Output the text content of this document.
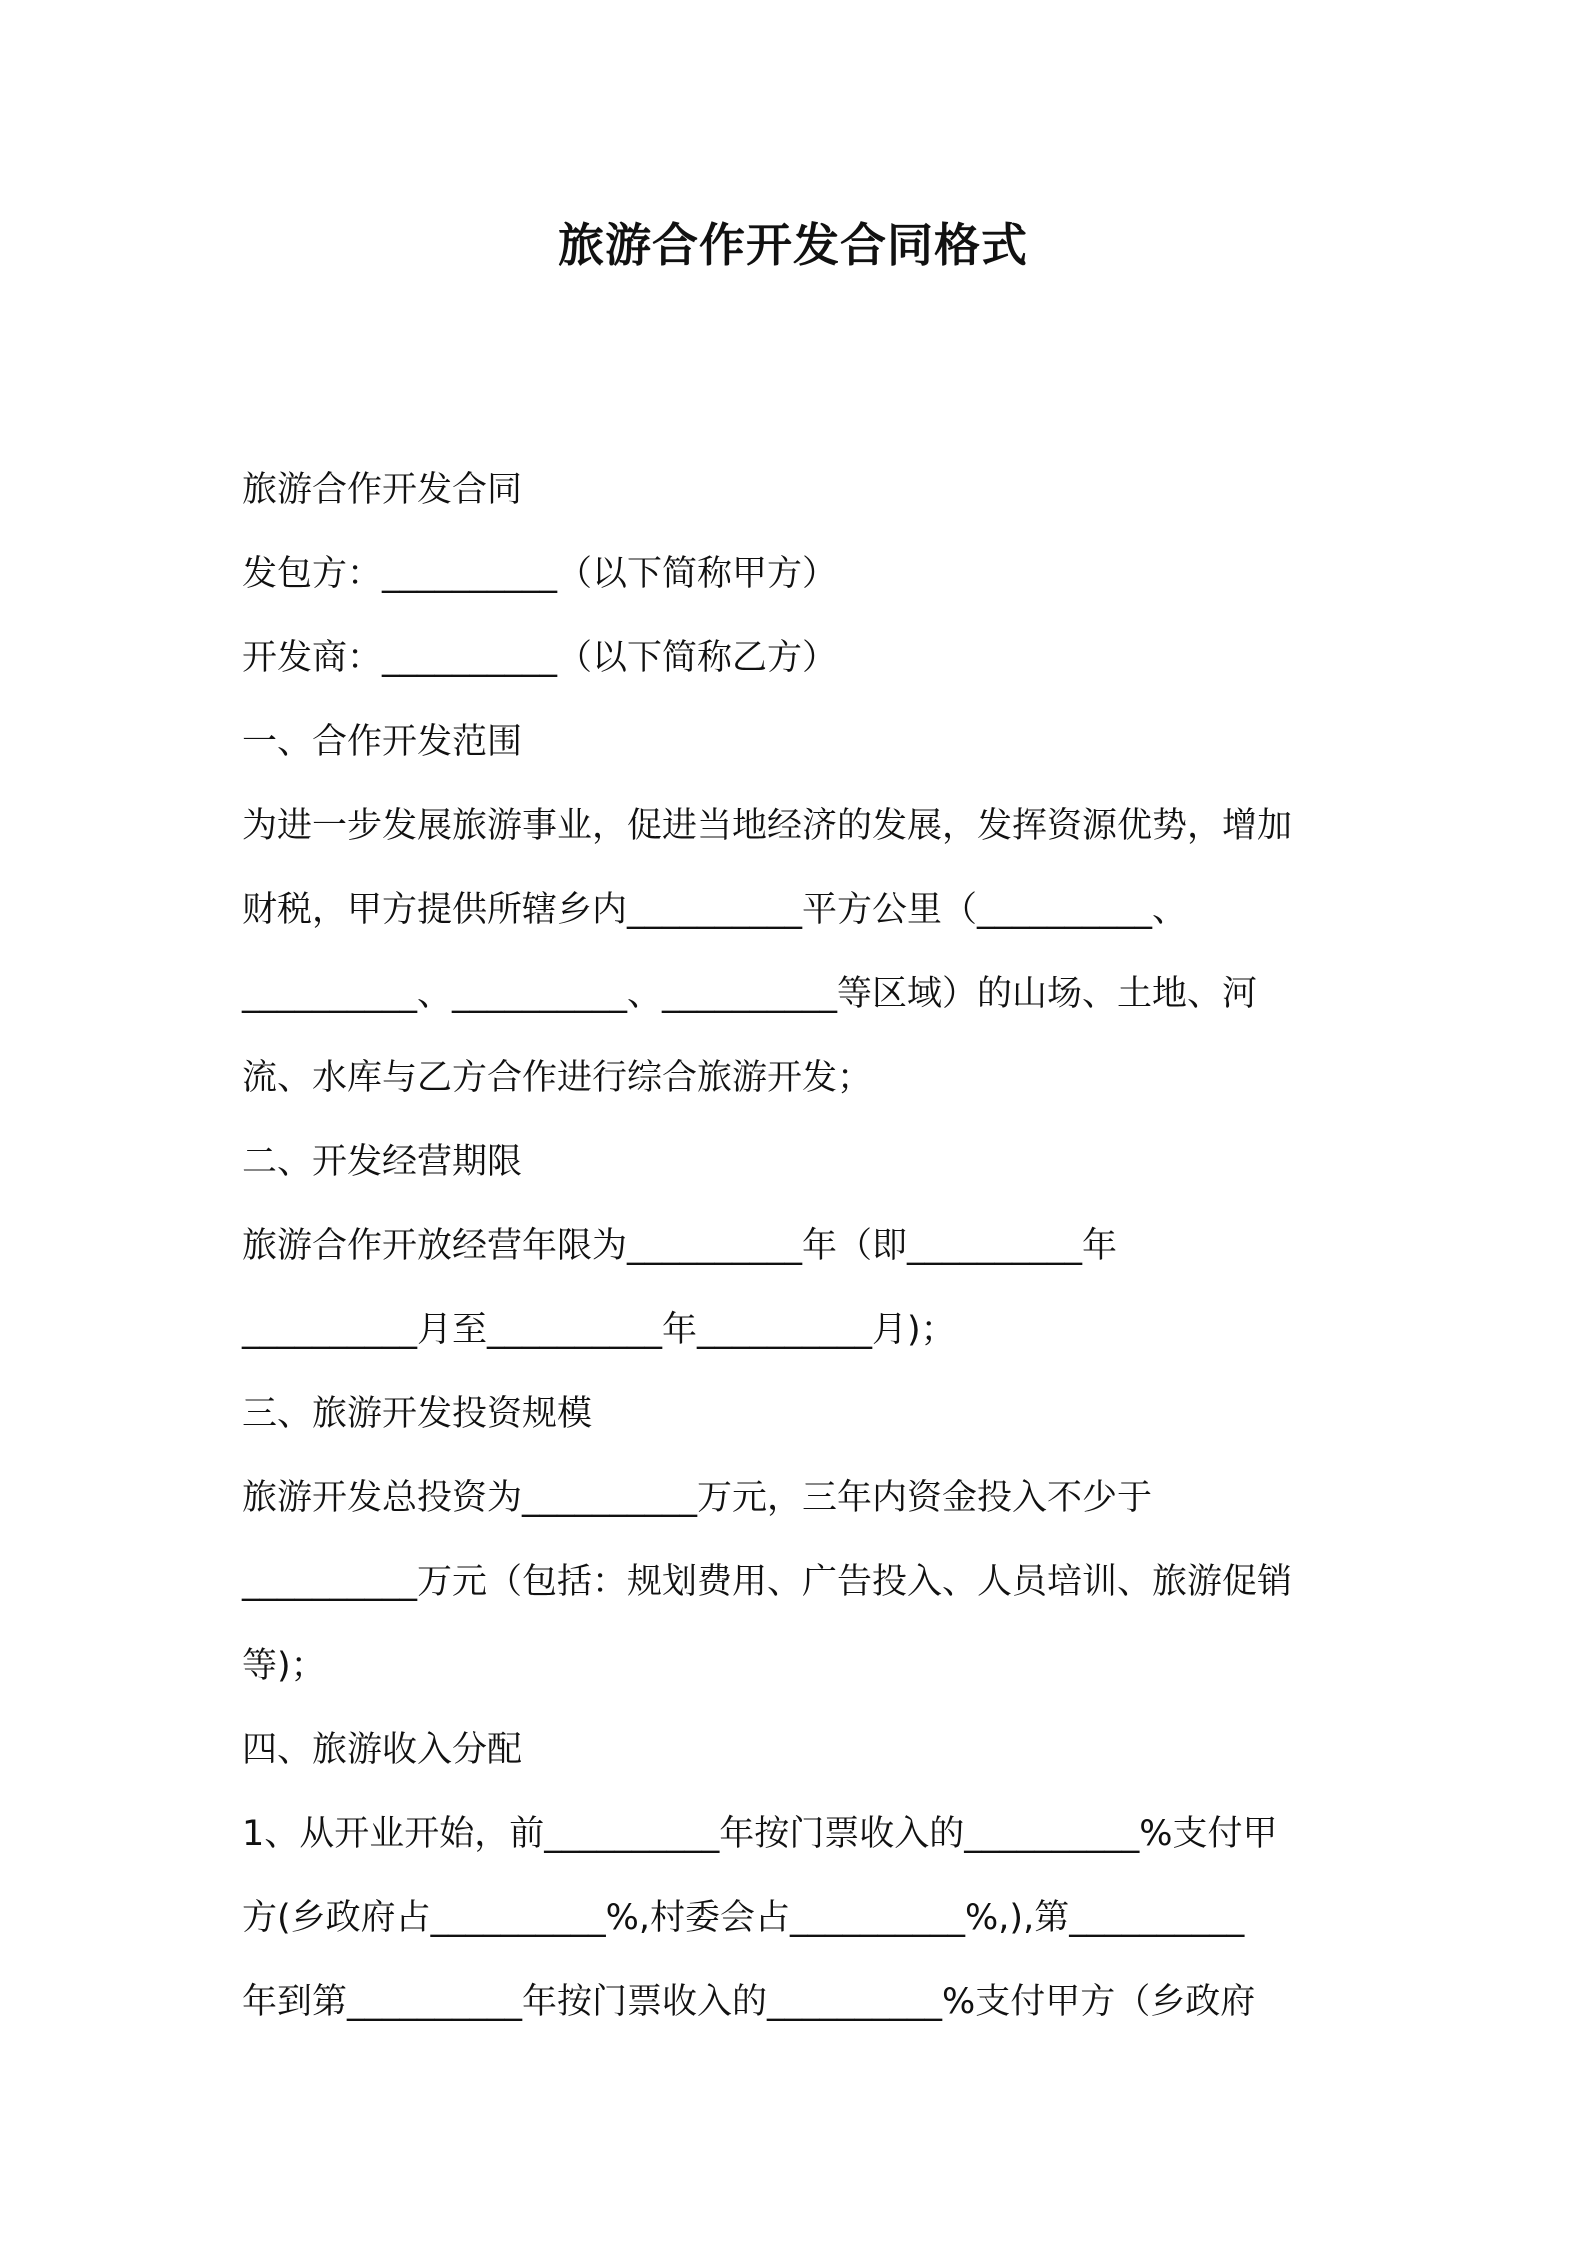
旅游合作开发合同格式

旅游合作开发合同

发包方：__________（以下简称甲方）

开发商：__________（以下简称乙方）

一、合作开发范围

为进一步发展旅游事业，促进当地经济的发展，发挥资源优势，增加

财税，甲方提供所辖乡内__________平方公里（__________、

__________、__________、__________等区域）的山场、土地、河

流、水库与乙方合作进行综合旅游开发；

二、开发经营期限

旅游合作开放经营年限为__________年（即__________年

__________月至__________年__________月)；

三、旅游开发投资规模

旅游开发总投资为__________万元，三年内资金投入不少于

__________万元（包括：规划费用、广告投入、人员培训、旅游促销

等)；

四、旅游收入分配

1、从开业开始，前__________年按门票收入的__________%支付甲

方(乡政府占__________%,村委会占__________%,),第__________

年到第__________年按门票收入的__________%支付甲方（乡政府
